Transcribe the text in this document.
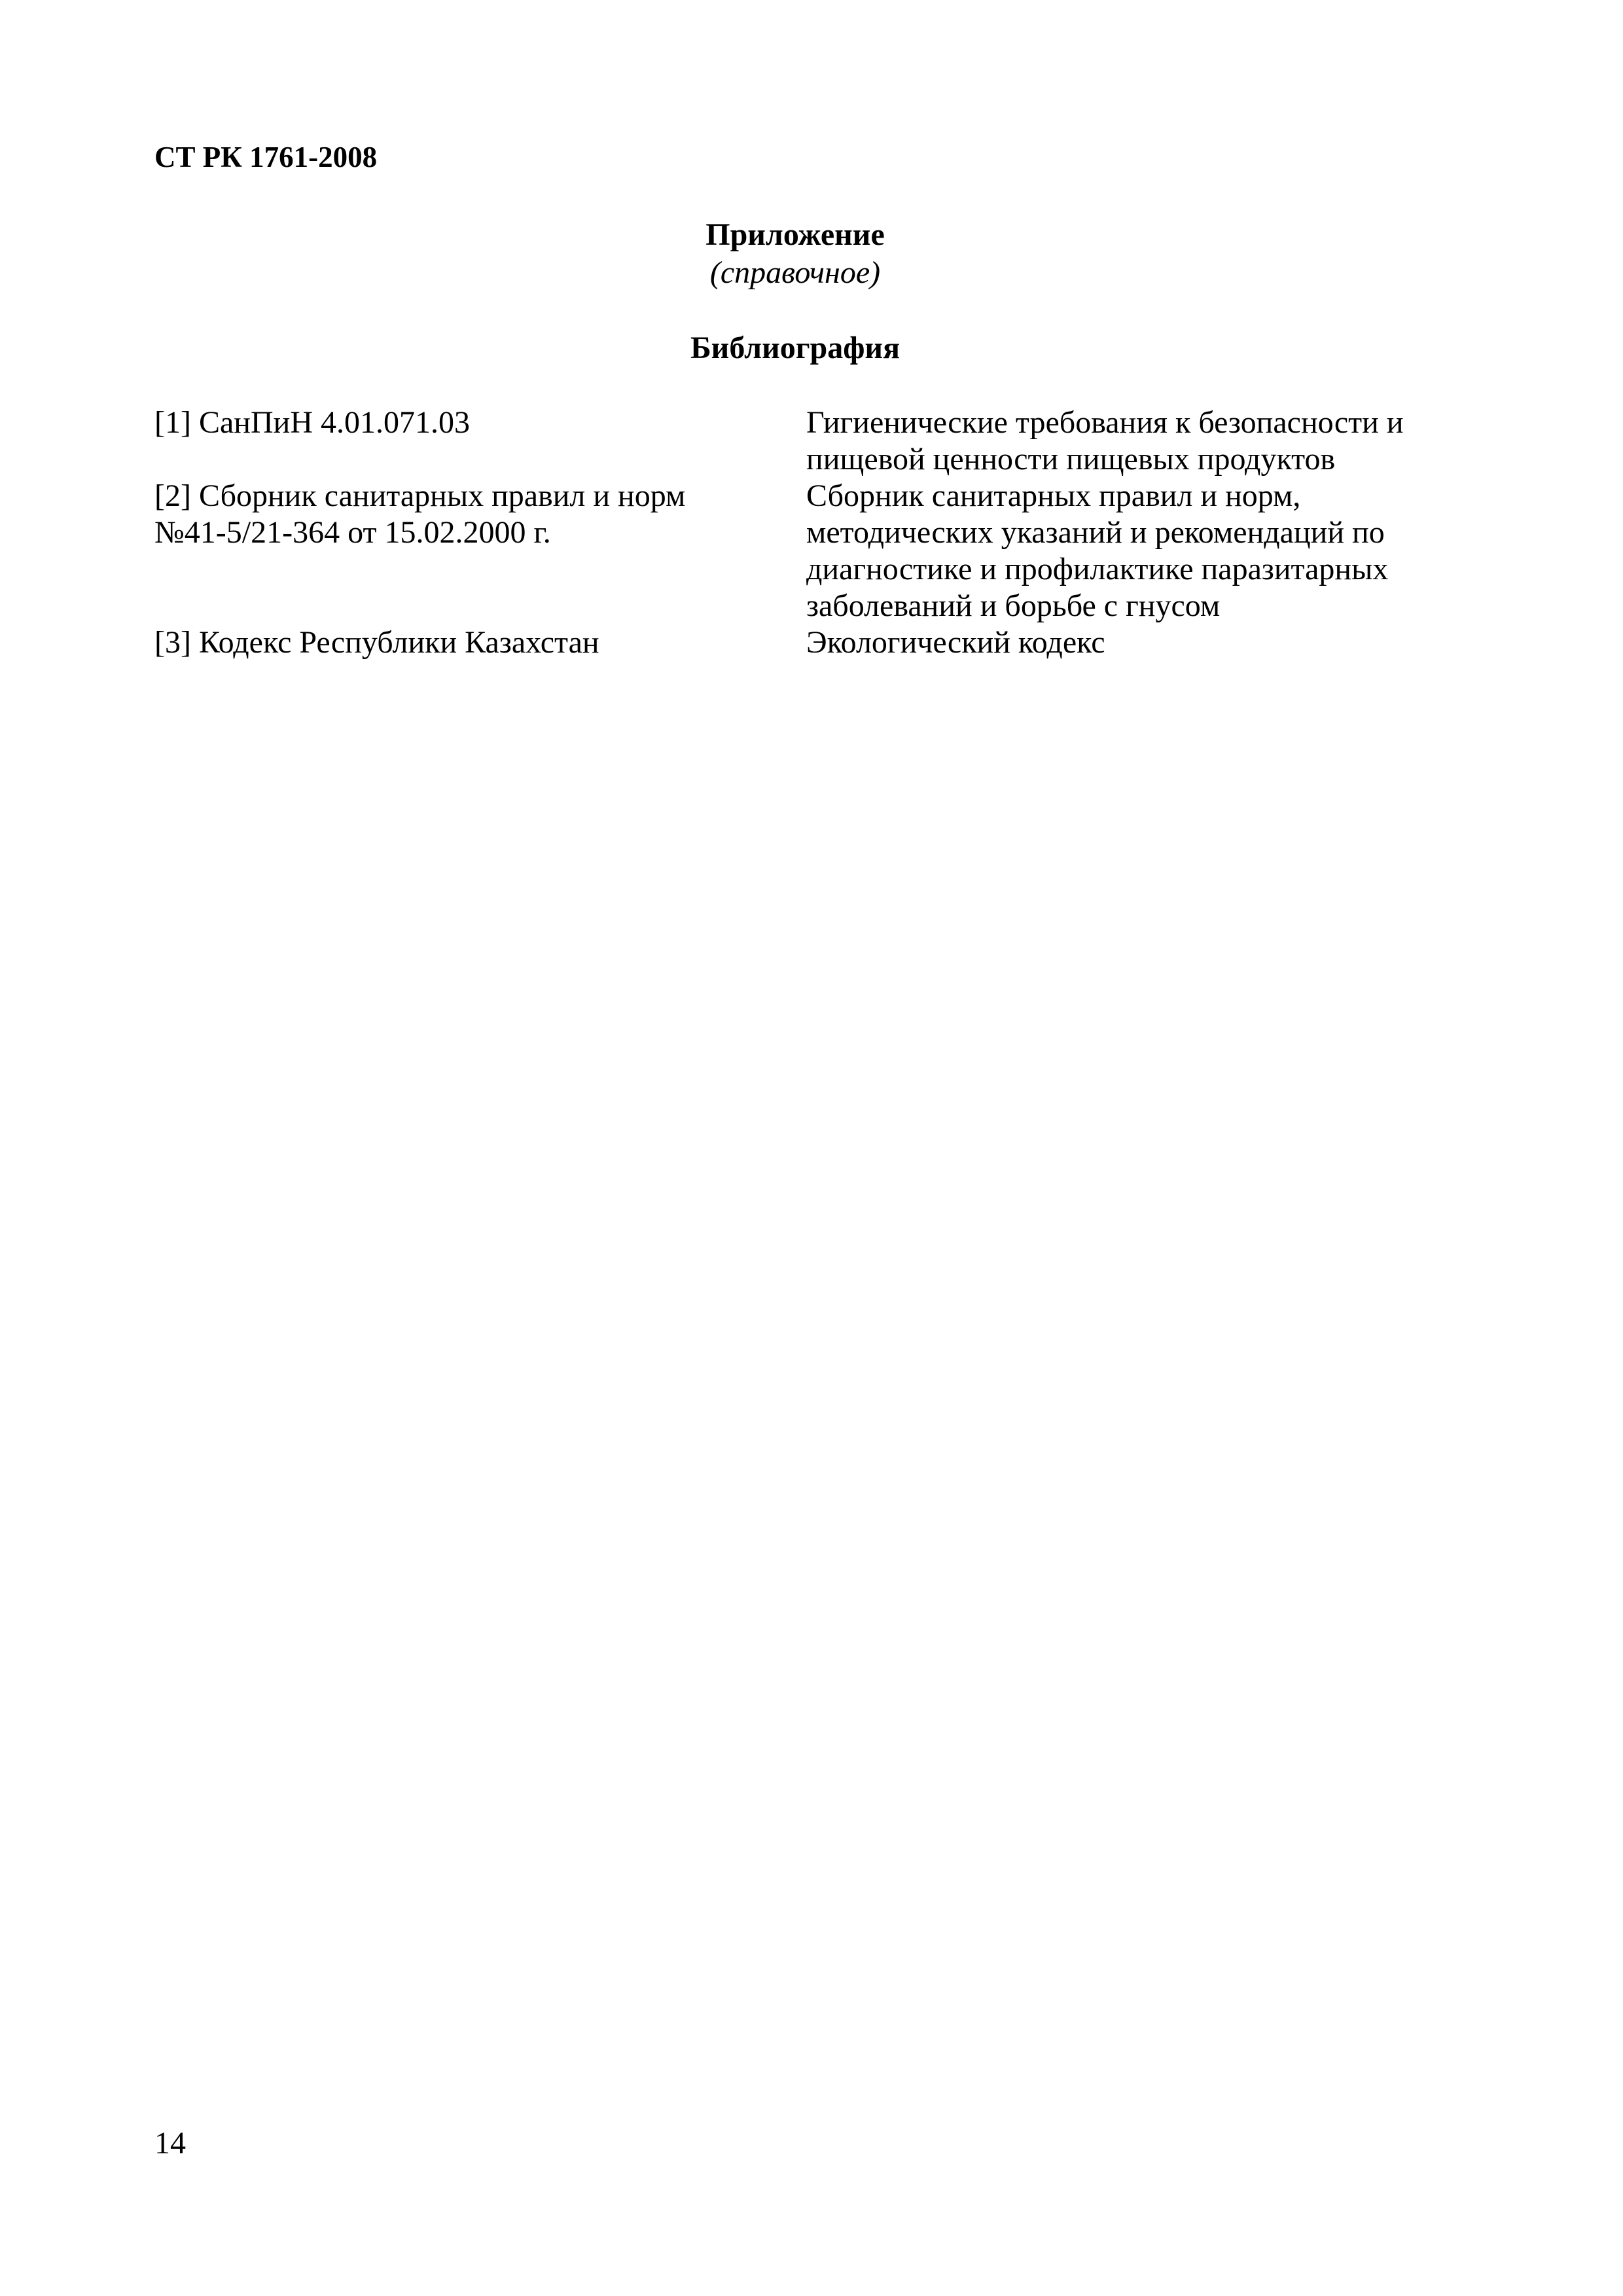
СТ РК 1761-2008
Приложение
(справочное)
Библиография
[1] СанПиН 4.01.071.03	Гигиенические требования к безопасности и
пищевой ценности пищевых продуктов
[2] Сборник санитарных правил и норм
№41-5/21-364 от 15.02.2000 г.
Сборник санитарных правил и норм,
методических указаний и рекомендаций по
диагностике и профилактике паразитарных
заболеваний и борьбе с гнусом
[3] Кодекс Республики Казахстан	Экологический кодекс
14
